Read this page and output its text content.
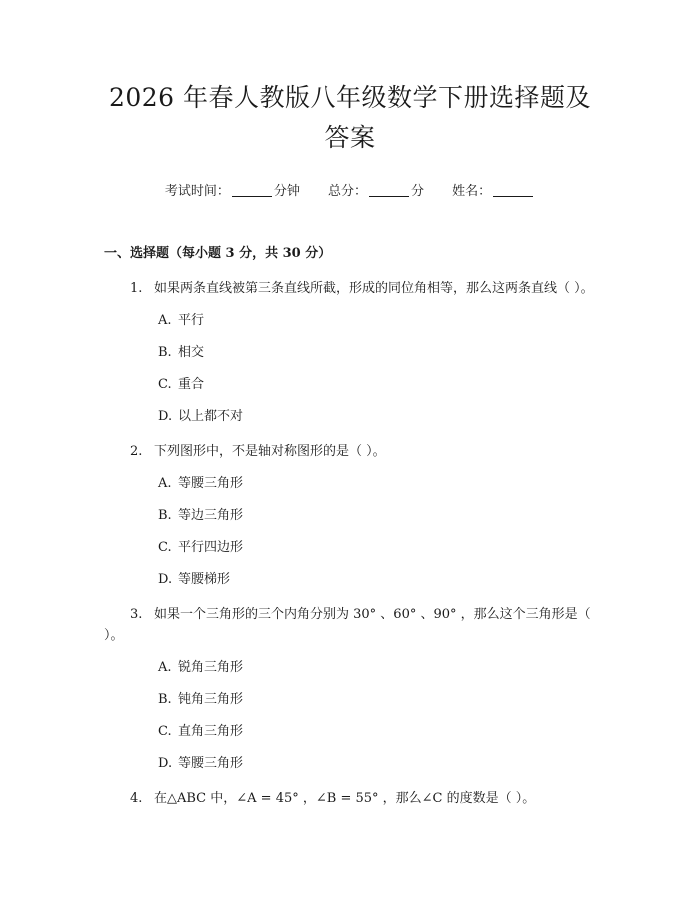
2026 年春人教版八年级数学下册选择题及答案
考试时间：	分钟 总分：	分 姓名：
一、选择题（每小题 3 分，共 30 分）
1. 如果两条直线被第三条直线所截，形成的同位角相等，那么这两条直线（ ）。
A. 平行
B. 相交
C. 重合
D. 以上都不对
2. 下列图形中，不是轴对称图形的是（ ）。
A. 等腰三角形
B. 等边三角形
C. 平行四边形
D. 等腰梯形
3. 如果一个三角形的三个内角分别为 30° 、60° 、90° ，那么这个三角形是（ ）。
A. 锐角三角形
B. 钝角三角形
C. 直角三角形
D. 等腰三角形
4. 在△ABC 中，∠A = 45° ，∠B = 55° ，那么∠C 的度数是（ ）。
